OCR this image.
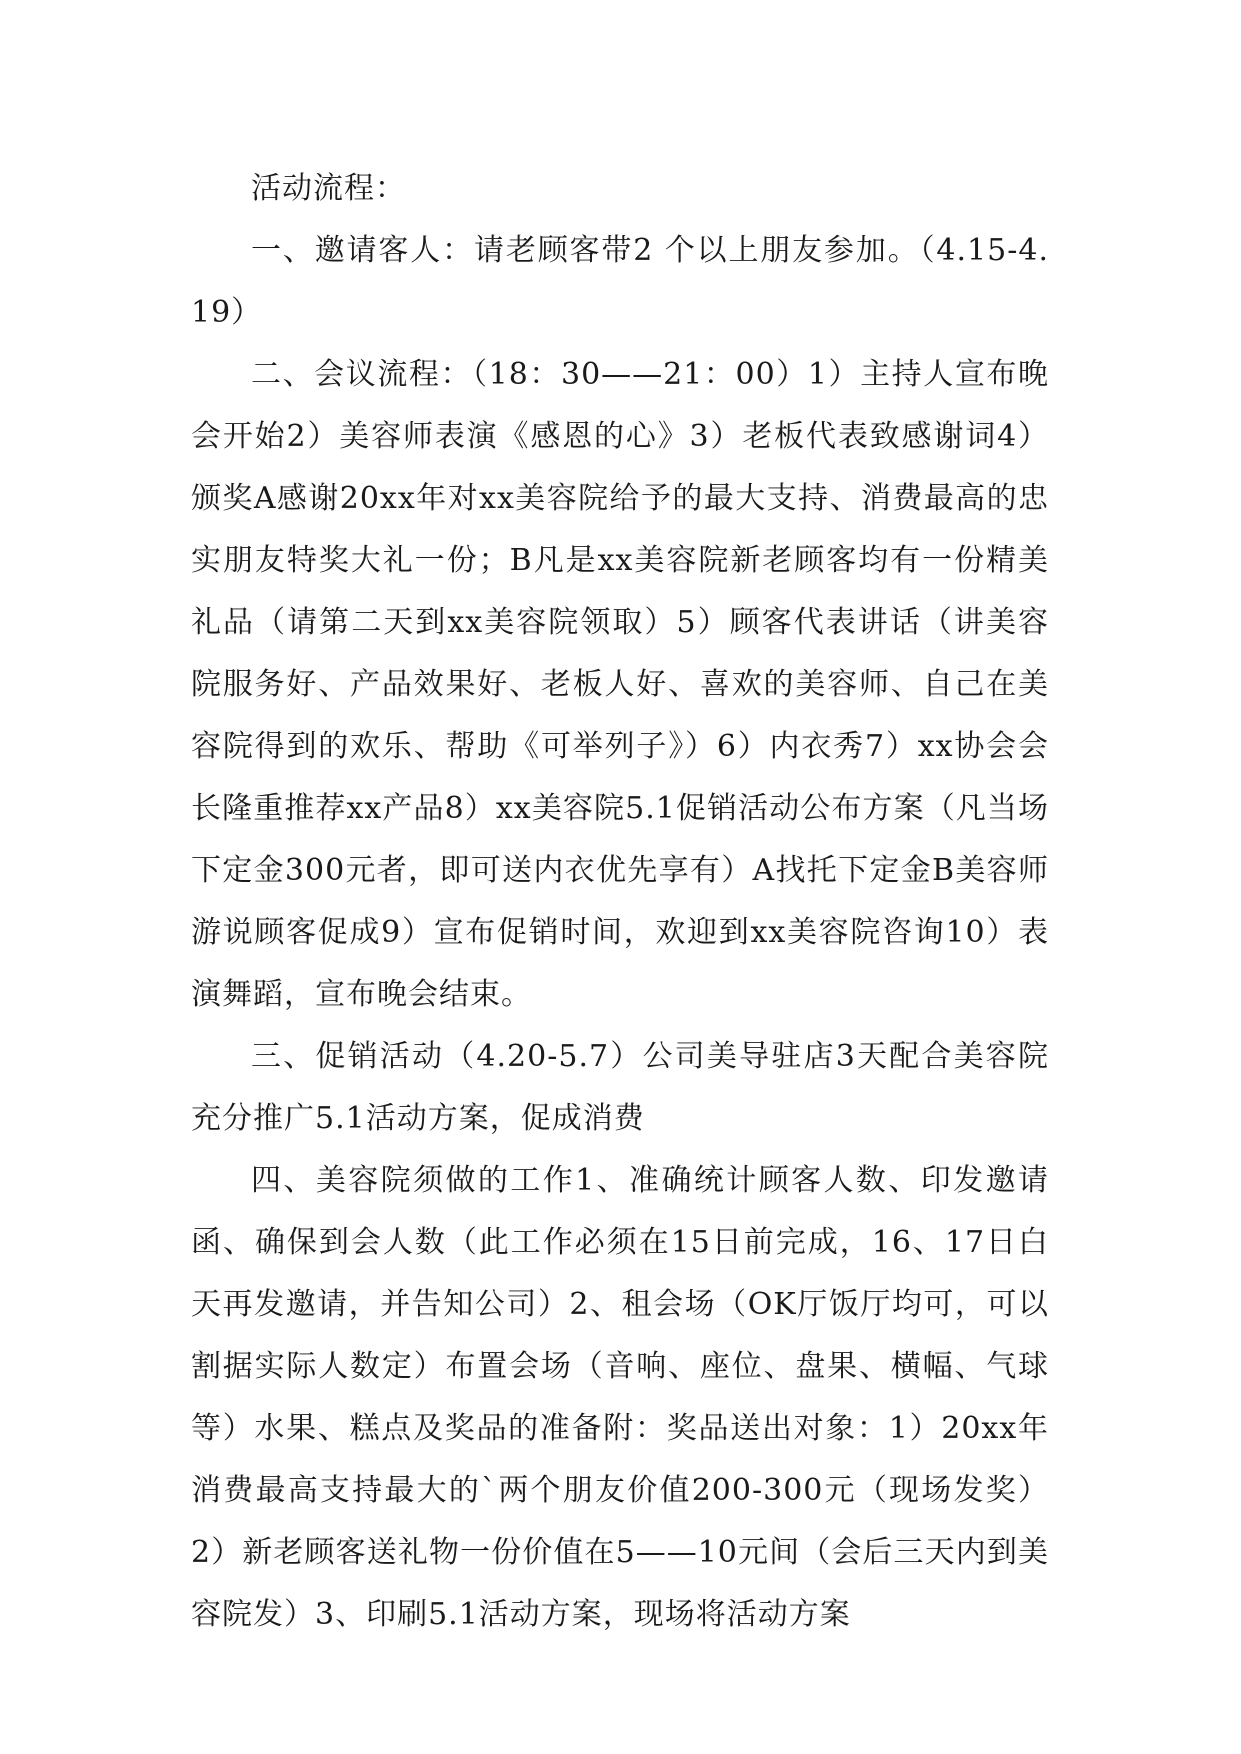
活动流程：

一、邀请客人：请老顾客带2 个以上朋友参加。（4.15-4.19）

二、会议流程：（18：30——21：00）1）主持人宣布晚会开始2）美容师表演《感恩的心》3）老板代表致感谢词4）颁奖A感谢20xx年对xx美容院给予的最大支持、消费最高的忠实朋友特奖大礼一份；B凡是xx美容院新老顾客均有一份精美礼品（请第二天到xx美容院领取）5）顾客代表讲话（讲美容院服务好、产品效果好、老板人好、喜欢的美容师、自己在美容院得到的欢乐、帮助《可举列子》）6）内衣秀7）xx协会会长隆重推荐xx产品8）xx美容院5.1促销活动公布方案（凡当场下定金300元者，即可送内衣优先享有）A找托下定金B美容师游说顾客促成9）宣布促销时间，欢迎到xx美容院咨询10）表演舞蹈，宣布晚会结束。

三、促销活动（4.20-5.7）公司美导驻店3天配合美容院充分推广5.1活动方案，促成消费

四、美容院须做的工作1、准确统计顾客人数、印发邀请函、确保到会人数（此工作必须在15日前完成，16、17日白天再发邀请，并告知公司）2、租会场（OK厅饭厅均可，可以割据实际人数定）布置会场（音响、座位、盘果、横幅、气球等）水果、糕点及奖品的准备附：奖品送出对象：1）20xx年消费最高支持最大的`两个朋友价值200-300元（现场发奖）2）新老顾客送礼物一份价值在5——10元间（会后三天内到美容院发）3、印刷5.1活动方案，现场将活动方案
